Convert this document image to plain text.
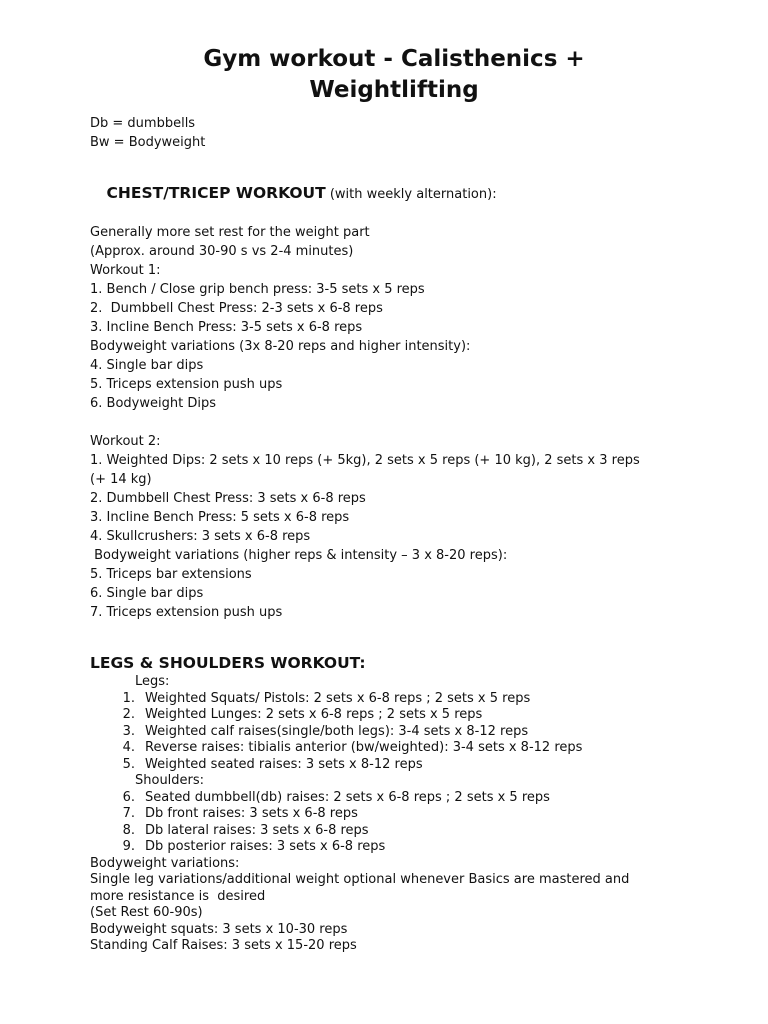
Gym workout - Calisthenics +
Weightlifting
Db = dumbbells
Bw = Bodyweight

CHEST/TRICEP WORKOUT (with weekly alternation):

Generally more set rest for the weight part
(Approx. around 30-90 s vs 2-4 minutes)
Workout 1:
1. Bench / Close grip bench press: 3-5 sets x 5 reps
2.  Dumbbell Chest Press: 2-3 sets x 6-8 reps
3. Incline Bench Press: 3-5 sets x 6-8 reps
Bodyweight variations (3x 8-20 reps and higher intensity):
4. Single bar dips
5. Triceps extension push ups
6. Bodyweight Dips
Workout 2:
1. Weighted Dips: 2 sets x 10 reps (+ 5kg), 2 sets x 5 reps (+ 10 kg), 2 sets x 3 reps
(+ 14 kg)
2. Dumbbell Chest Press: 3 sets x 6-8 reps
3. Incline Bench Press: 5 sets x 6-8 reps
4. Skullcrushers: 3 sets x 6-8 reps
Bodyweight variations (higher reps & intensity – 3 x 8-20 reps):
5. Triceps bar extensions
6. Single bar dips
7. Triceps extension push ups
LEGS & SHOULDERS WORKOUT:
Legs:
1. Weighted Squats/ Pistols: 2 sets x 6-8 reps ; 2 sets x 5 reps
2. Weighted Lunges: 2 sets x 6-8 reps ; 2 sets x 5 reps
3. Weighted calf raises(single/both legs): 3-4 sets x 8-12 reps
4. Reverse raises: tibialis anterior (bw/weighted): 3-4 sets x 8-12 reps
5. Weighted seated raises: 3 sets x 8-12 reps
Shoulders:
6. Seated dumbbell(db) raises: 2 sets x 6-8 reps ; 2 sets x 5 reps
7. Db front raises: 3 sets x 6-8 reps
8. Db lateral raises: 3 sets x 6-8 reps
9. Db posterior raises: 3 sets x 6-8 reps
Bodyweight variations:
Single leg variations/additional weight optional whenever Basics are mastered and
more resistance is  desired
(Set Rest 60-90s)
Bodyweight squats: 3 sets x 10-30 reps
Standing Calf Raises: 3 sets x 15-20 reps
